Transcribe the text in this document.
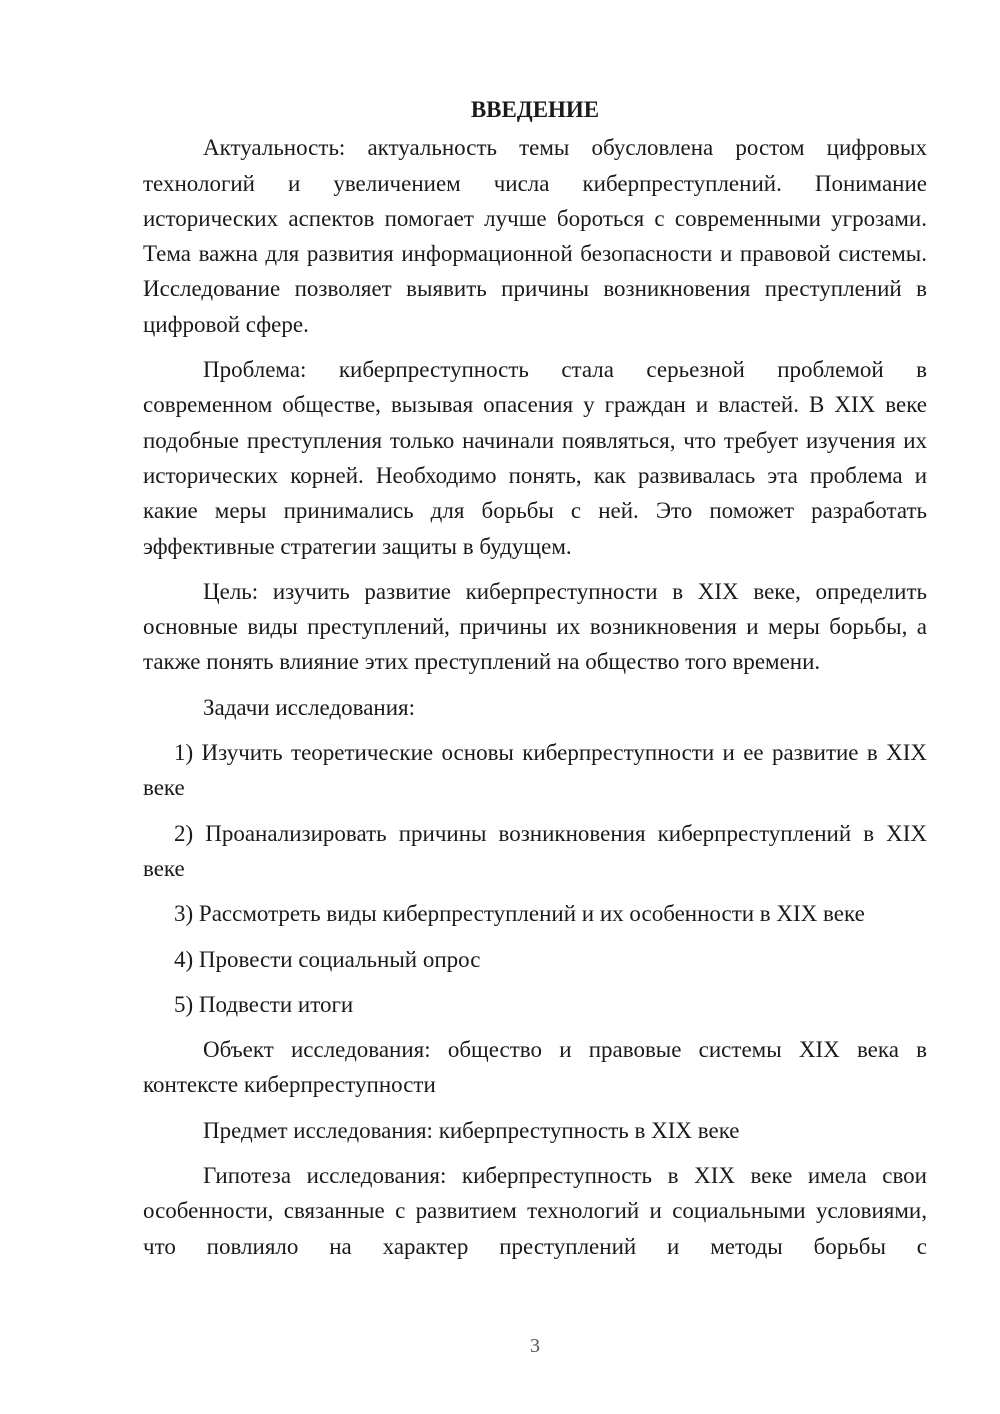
ВВЕДЕНИЕ
Актуальность: актуальность темы обусловлена ростом цифровых технологий и увеличением числа киберпреступлений. Понимание исторических аспектов помогает лучше бороться с современными угрозами. Тема важна для развития информационной безопасности и правовой системы. Исследование позволяет выявить причины возникновения преступлений в цифровой сфере.
Проблема: киберпреступность стала серьезной проблемой в современном обществе, вызывая опасения у граждан и властей. В XIX веке подобные преступления только начинали появляться, что требует изучения их исторических корней. Необходимо понять, как развивалась эта проблема и какие меры принимались для борьбы с ней. Это поможет разработать эффективные стратегии защиты в будущем.
Цель: изучить развитие киберпреступности в XIX веке, определить основные виды преступлений, причины их возникновения и меры борьбы, а также понять влияние этих преступлений на общество того времени.
Задачи исследования:
1) Изучить теоретические основы киберпреступности и ее развитие в XIX веке
2) Проанализировать причины возникновения киберпреступлений в XIX веке
3) Рассмотреть виды киберпреступлений и их особенности в XIX веке
4) Провести социальный опрос
5) Подвести итоги
Объект исследования: общество и правовые системы XIX века в контексте киберпреступности
Предмет исследования: киберпреступность в XIX веке
Гипотеза исследования: киберпреступность в XIX веке имела свои особенности, связанные с развитием технологий и социальными условиями, что повлияло на характер преступлений и методы борьбы с
3
